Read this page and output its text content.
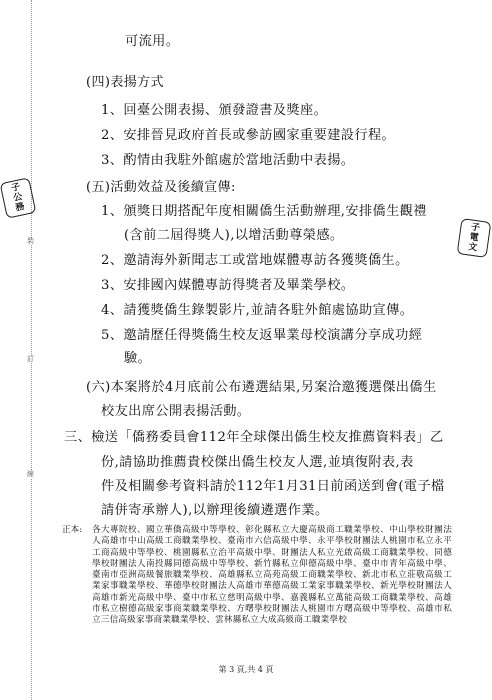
裝
訂
線
子
公
務
子
電
文
可流用。
(四)表揚方式
1、回臺公開表揚、頒發證書及獎座。
2、安排晉見政府首長或參訪國家重要建設行程。
3、酌情由我駐外館處於當地活動中表揚。
(五)活動效益及後續宣傳:
1、頒獎日期搭配年度相關僑生活動辦理,安排僑生觀禮
(含前二屆得獎人),以增活動尊榮感。
2、邀請海外新聞志工或當地媒體專訪各獲獎僑生。
3、安排國內媒體專訪得獎者及畢業學校。
4、請獲獎僑生錄製影片,並請各駐外館處協助宣傳。
5、邀請歷任得獎僑生校友返畢業母校演講分享成功經
驗。
(六)本案將於4月底前公布遴選結果,另案洽邀獲選傑出僑生
校友出席公開表揚活動。
三、檢送「僑務委員會112年全球傑出僑生校友推薦資料表」乙
份,請協助推薦貴校傑出僑生校友人選,並填復附表,表
件及相關參考資料請於112年1月31日前函送到會(電子檔
請併寄承辦人),以辦理後續遴選作業。
正本: 各大專院校、國立華僑高級中等學校、彰化縣私立大慶高級商工職業學校、中山學校財團法人高雄市中山高級工商職業學校、臺南市六信高級中學、永平學校財團法人桃園市私立永平工商高級中等學校、桃園縣私立治平高級中學、財團法人私立光啟高級工商職業學校、同德學校財團法人南投縣同德高級中等學校、新竹縣私立仰德高級中學、臺中市青年高級中學、臺南市亞洲高級餐旅職業學校、高雄縣私立高苑高級工商職業學校、新北市私立莊敬高級工業家事職業學校、華德學校財團法人高雄市華德高級工業家事職業學校、新光學校財團法人高雄市新光高級中學、臺中市私立慈明高級中學、嘉義縣私立萬能高級工商職業學校、高雄市私立樹德高級家事商業職業學校、方曙學校財團法人桃園市方曙高級中等學校、高雄市私立三信高級家事商業職業學校、雲林縣私立大成高級商工職業學校
第 3 頁,共 4 頁
